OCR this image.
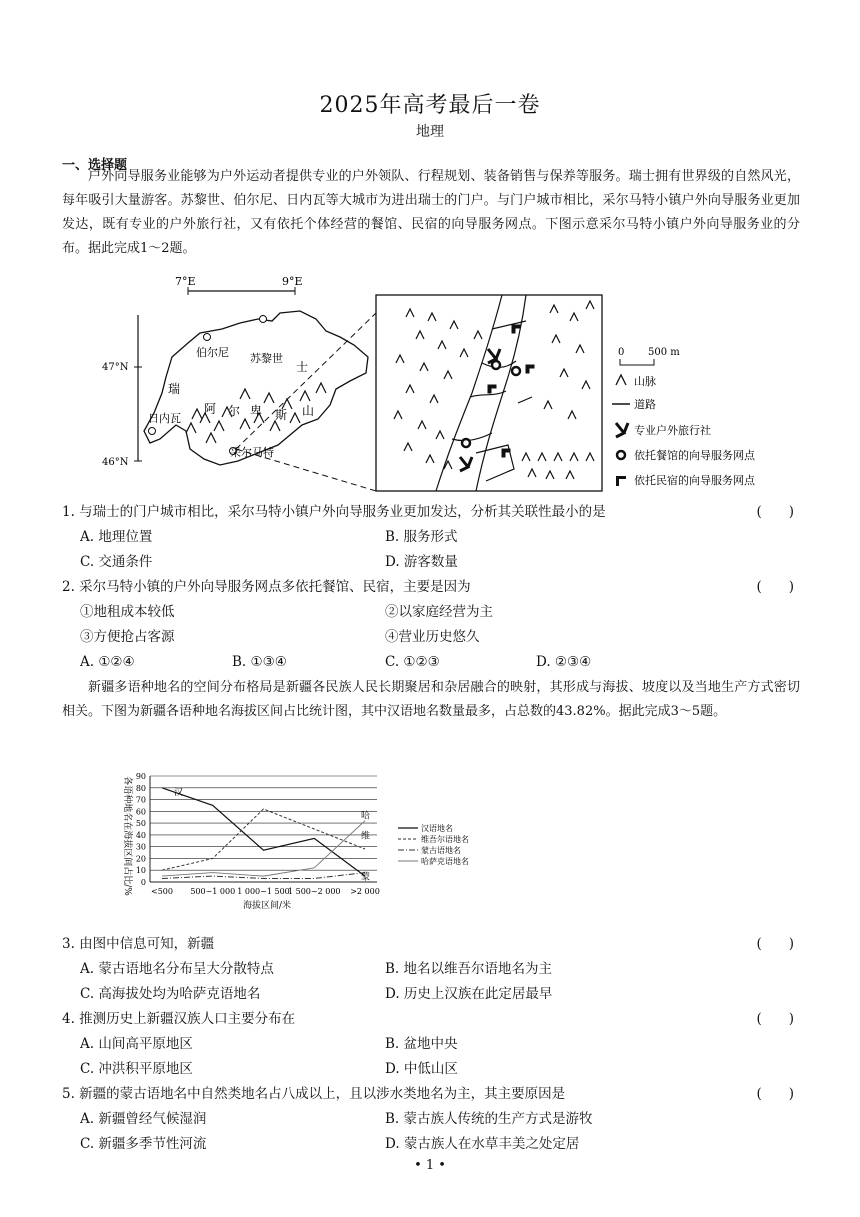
2025年高考最后一卷
地理
一、选择题
户外向导服务业能够为户外运动者提供专业的户外领队、行程规划、装备销售与保养等服务。瑞士拥有世界级的自然风光，每年吸引大量游客。苏黎世、伯尔尼、日内瓦等大城市为进出瑞士的门户。与门户城市相比，采尔马特小镇户外向导服务业更加发达，既有专业的户外旅行社，又有依托个体经营的餐馆、民宿的向导服务网点。下图示意采尔马特小镇户外向导服务业的分布。据此完成1～2题。
7°E	9°E
47°N
46°N
伯尔尼 苏黎世
日内瓦
采尔马特
瑞
士
阿 尔 卑 斯 山
0 500 m
山脉
道路
专业户外旅行社
依托餐馆的向导服务网点
依托民宿的向导服务网点
1. 与瑞士的门户城市相比，采尔马特小镇户外向导服务业更加发达，分析其关联性最小的是	(　　)
A. 地理位置	B. 服务形式
C. 交通条件	D. 游客数量
2. 采尔马特小镇的户外向导服务网点多依托餐馆、民宿，主要是因为	(　　)
①地租成本较低	②以家庭经营为主
③方便抢占客源	④营业历史悠久
A. ①②④	B. ①③④	C. ①②③	D. ②③④
新疆多语种地名的空间分布格局是新疆各民族人民长期聚居和杂居融合的映射，其形成与海拔、坡度以及当地生产方式密切相关。下图为新疆各语种地名海拔区间占比统计图，其中汉语地名数量最多，占总数的43.82%。据此完成3～5题。
各语种地名在海拔区间占比/%
海拔区间/米
0
10
20
30
40
50
60
70
80
90
<500 500~1 000 1 000~1 500
1 500~2 000 >2 000
汉
维
哈
蒙
汉语地名
维吾尔语地名
蒙古语地名
哈萨克语地名
3. 由图中信息可知，新疆	(　　)
A. 蒙古语地名分布呈大分散特点	B. 地名以维吾尔语地名为主
C. 高海拔处均为哈萨克语地名	D. 历史上汉族在此定居最早
4. 推测历史上新疆汉族人口主要分布在	(　　)
A. 山间高平原地区	B. 盆地中央
C. 冲洪积平原地区	D. 中低山区
5. 新疆的蒙古语地名中自然类地名占八成以上，且以涉水类地名为主，其主要原因是	(　　)
A. 新疆曾经气候湿润	B. 蒙古族人传统的生产方式是游牧
C. 新疆多季节性河流	D. 蒙古族人在水草丰美之处定居
• 1 •
